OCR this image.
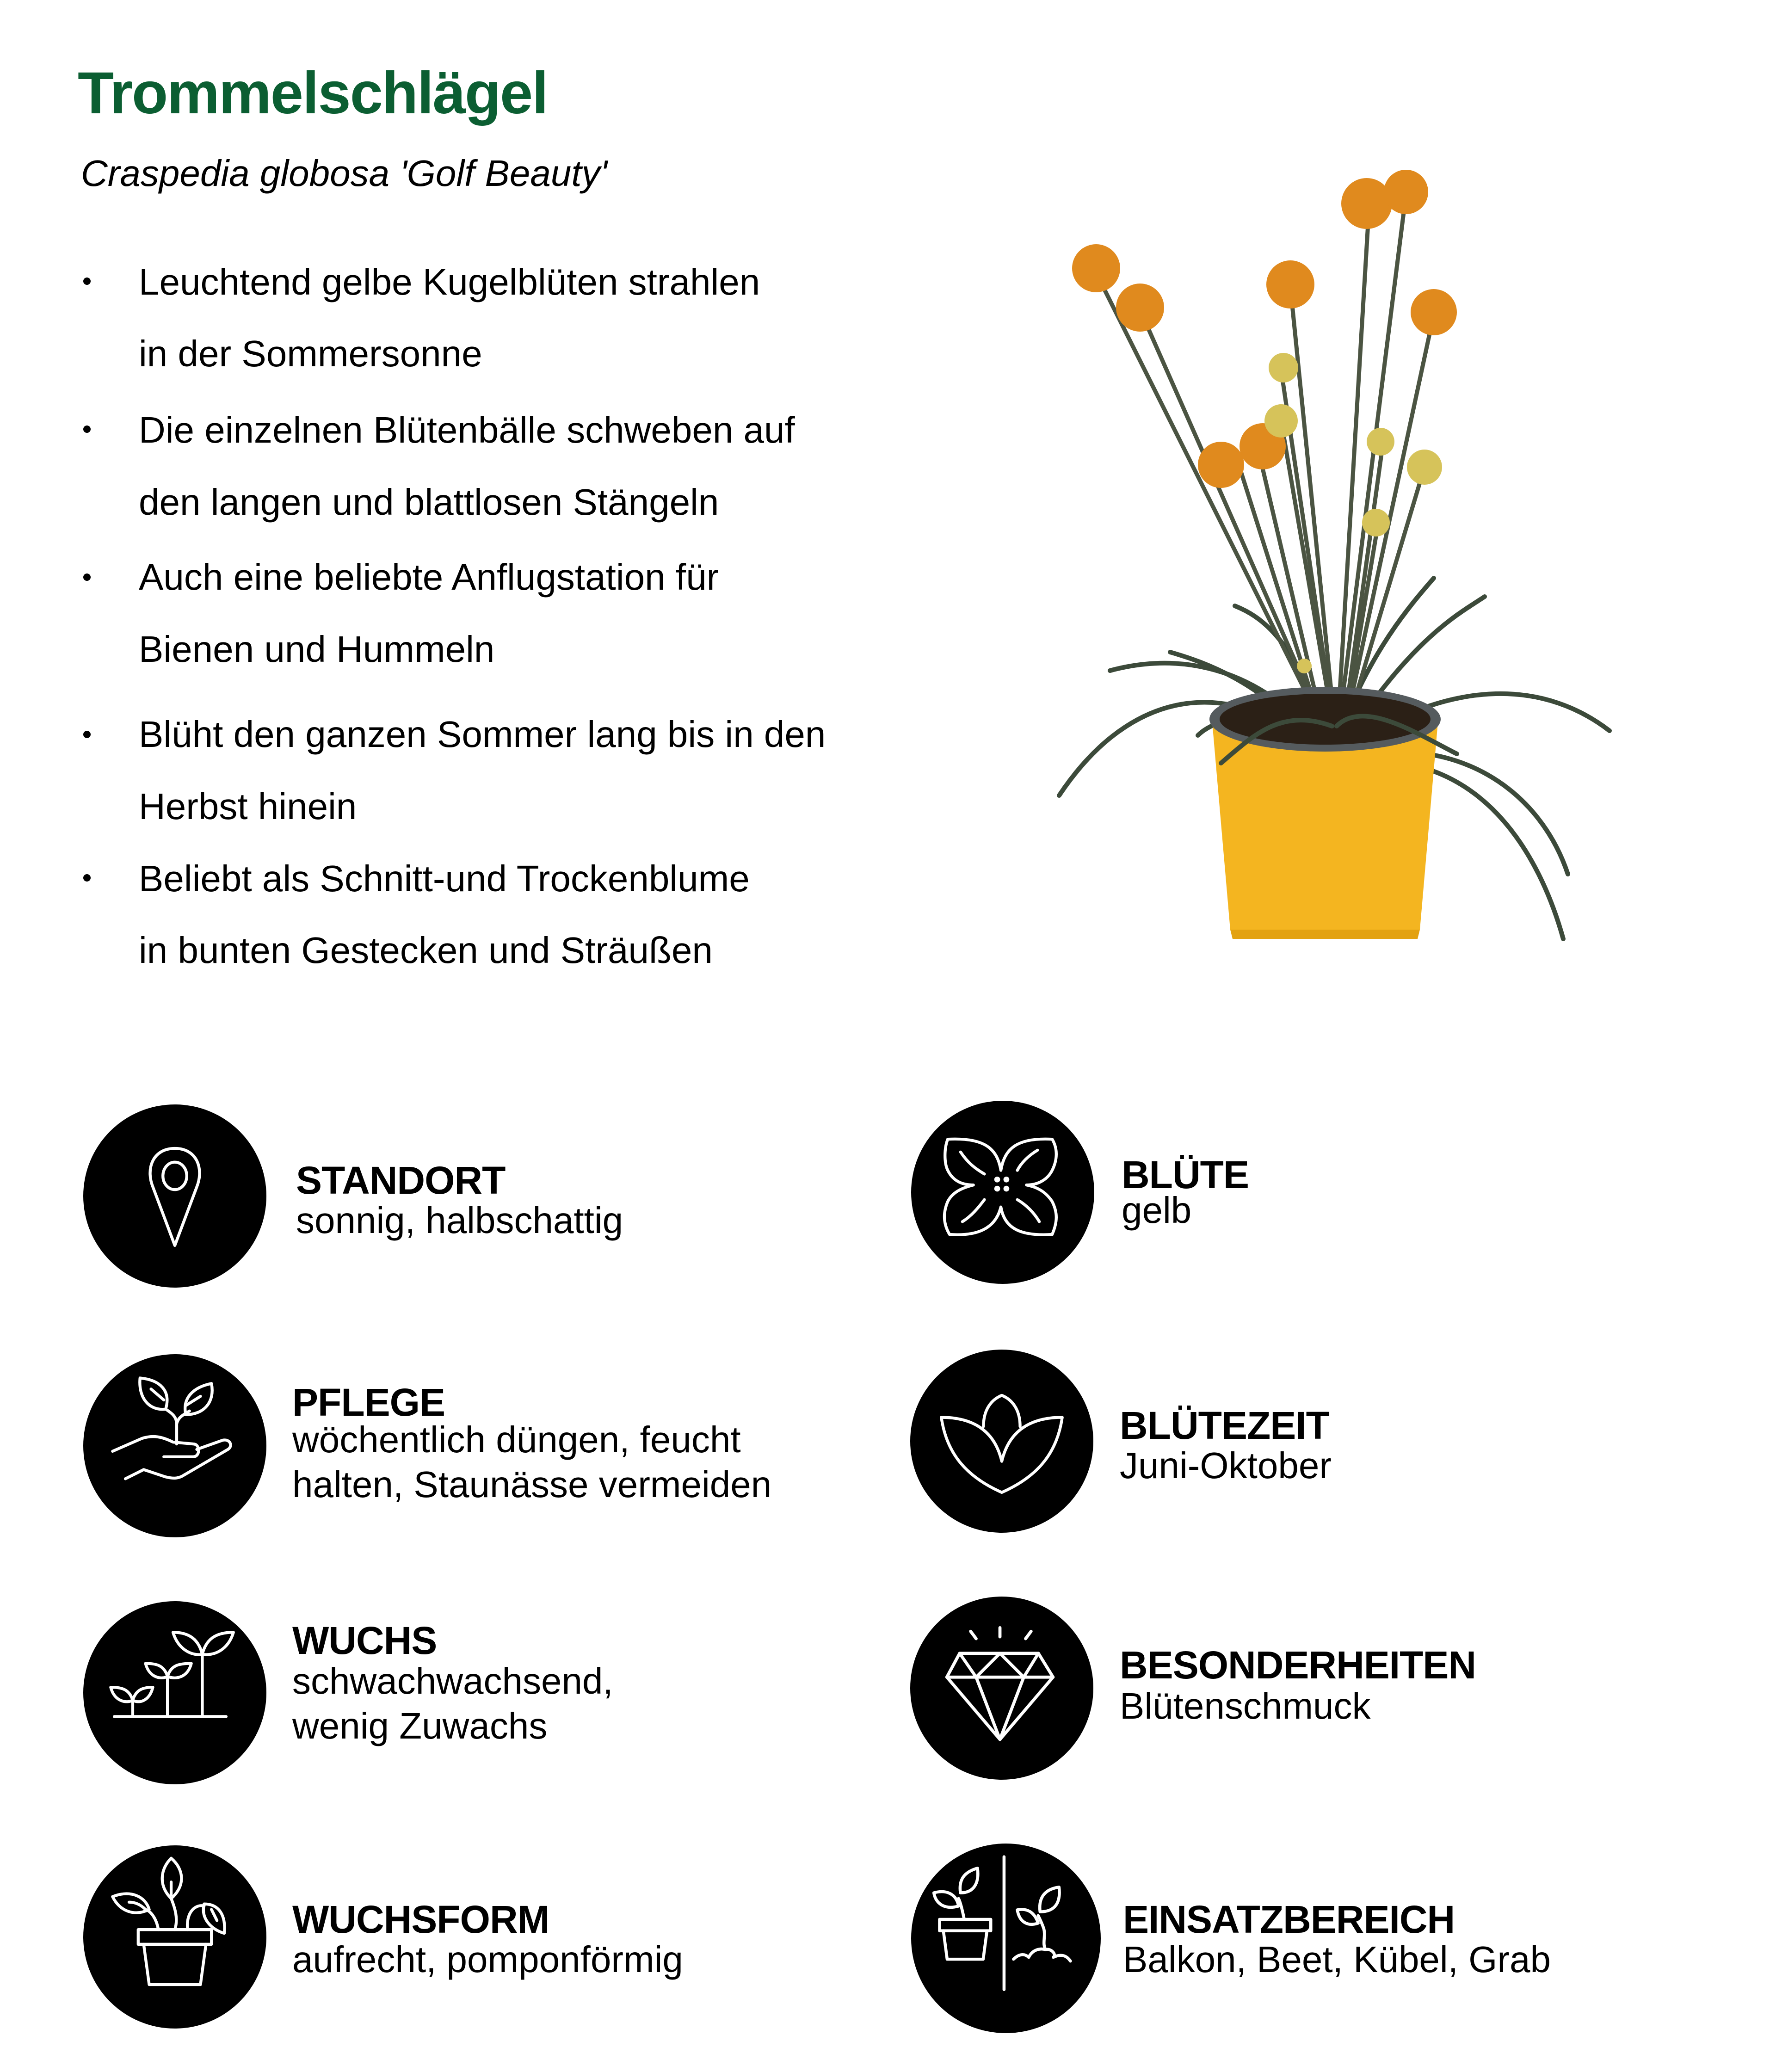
Trommelschlägel
Craspedia globosa 'Golf Beauty'
Leuchtend gelbe Kugelblüten strahlen
in der Sommersonne
Die einzelnen Blütenbälle schweben auf
den langen und blattlosen Stängeln
Auch eine beliebte Anflugstation für
Bienen und Hummeln
Blüht den ganzen Sommer lang bis in den
Herbst hinein
Beliebt als Schnitt-und Trockenblume
in bunten Gestecken und Sträußen
STANDORT
sonnig, halbschattig
PFLEGE
wöchentlich düngen, feucht
halten, Staunässe vermeiden
WUCHS
schwachwachsend,
wenig Zuwachs
WUCHSFORM
aufrecht, pomponförmig
BLÜTE
gelb
BLÜTEZEIT
Juni-Oktober
BESONDERHEITEN
Blütenschmuck
EINSATZBEREICH
Balkon, Beet, Kübel, Grab
